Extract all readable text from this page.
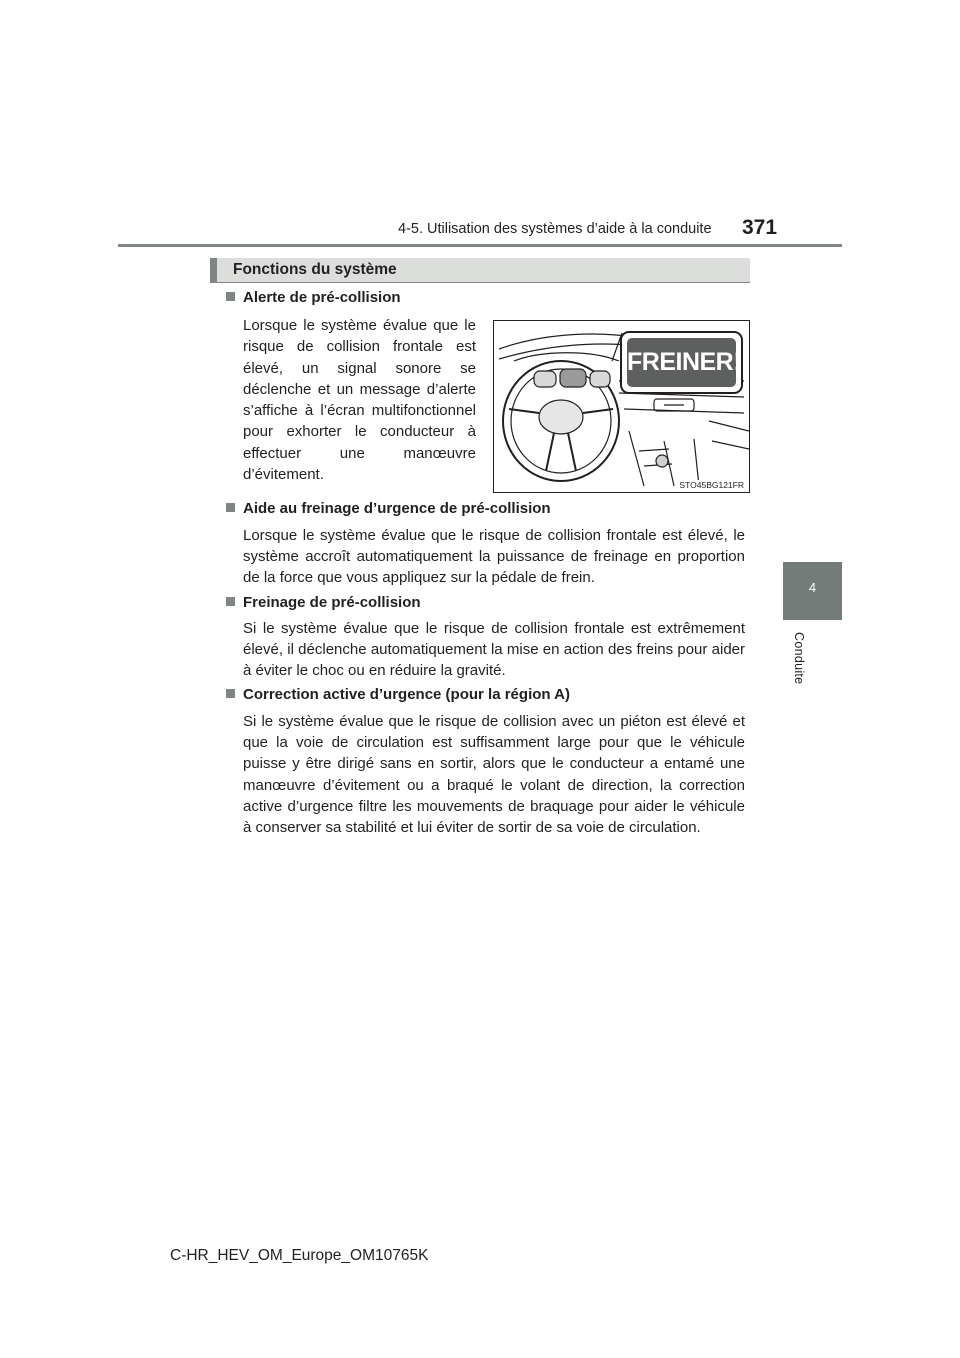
4-5. Utilisation des systèmes d’aide à la conduite 371
4
Conduite
Fonctions du système
Alerte de pré-collision

Lorsque le système évalue que le risque de collision frontale est élevé, un signal sonore se déclenche et un message d’alerte s’affiche à l’écran multifonctionnel pour exhorter le conducteur à effectuer une manœuvre d’évitement.

FREINER!
STO45BG121FR
Aide au freinage d’urgence de pré-collision

Lorsque le système évalue que le risque de collision frontale est élevé, le système accroît automatiquement la puissance de freinage en proportion de la force que vous appliquez sur la pédale de frein.

Freinage de pré-collision

Si le système évalue que le risque de collision frontale est extrêmement élevé, il déclenche automatiquement la mise en action des freins pour aider à éviter le choc ou en réduire la gravité.

Correction active d’urgence (pour la région A)

Si le système évalue que le risque de collision avec un piéton est élevé et que la voie de circulation est suffisamment large pour que le véhicule puisse y être dirigé sans en sortir, alors que le conducteur a entamé une manœuvre d’évitement ou a braqué le volant de direction, la correction active d’urgence filtre les mouvements de braquage pour aider le véhicule à conserver sa stabilité et lui éviter de sortir de sa voie de circulation.

C-HR_HEV_OM_Europe_OM10765K
